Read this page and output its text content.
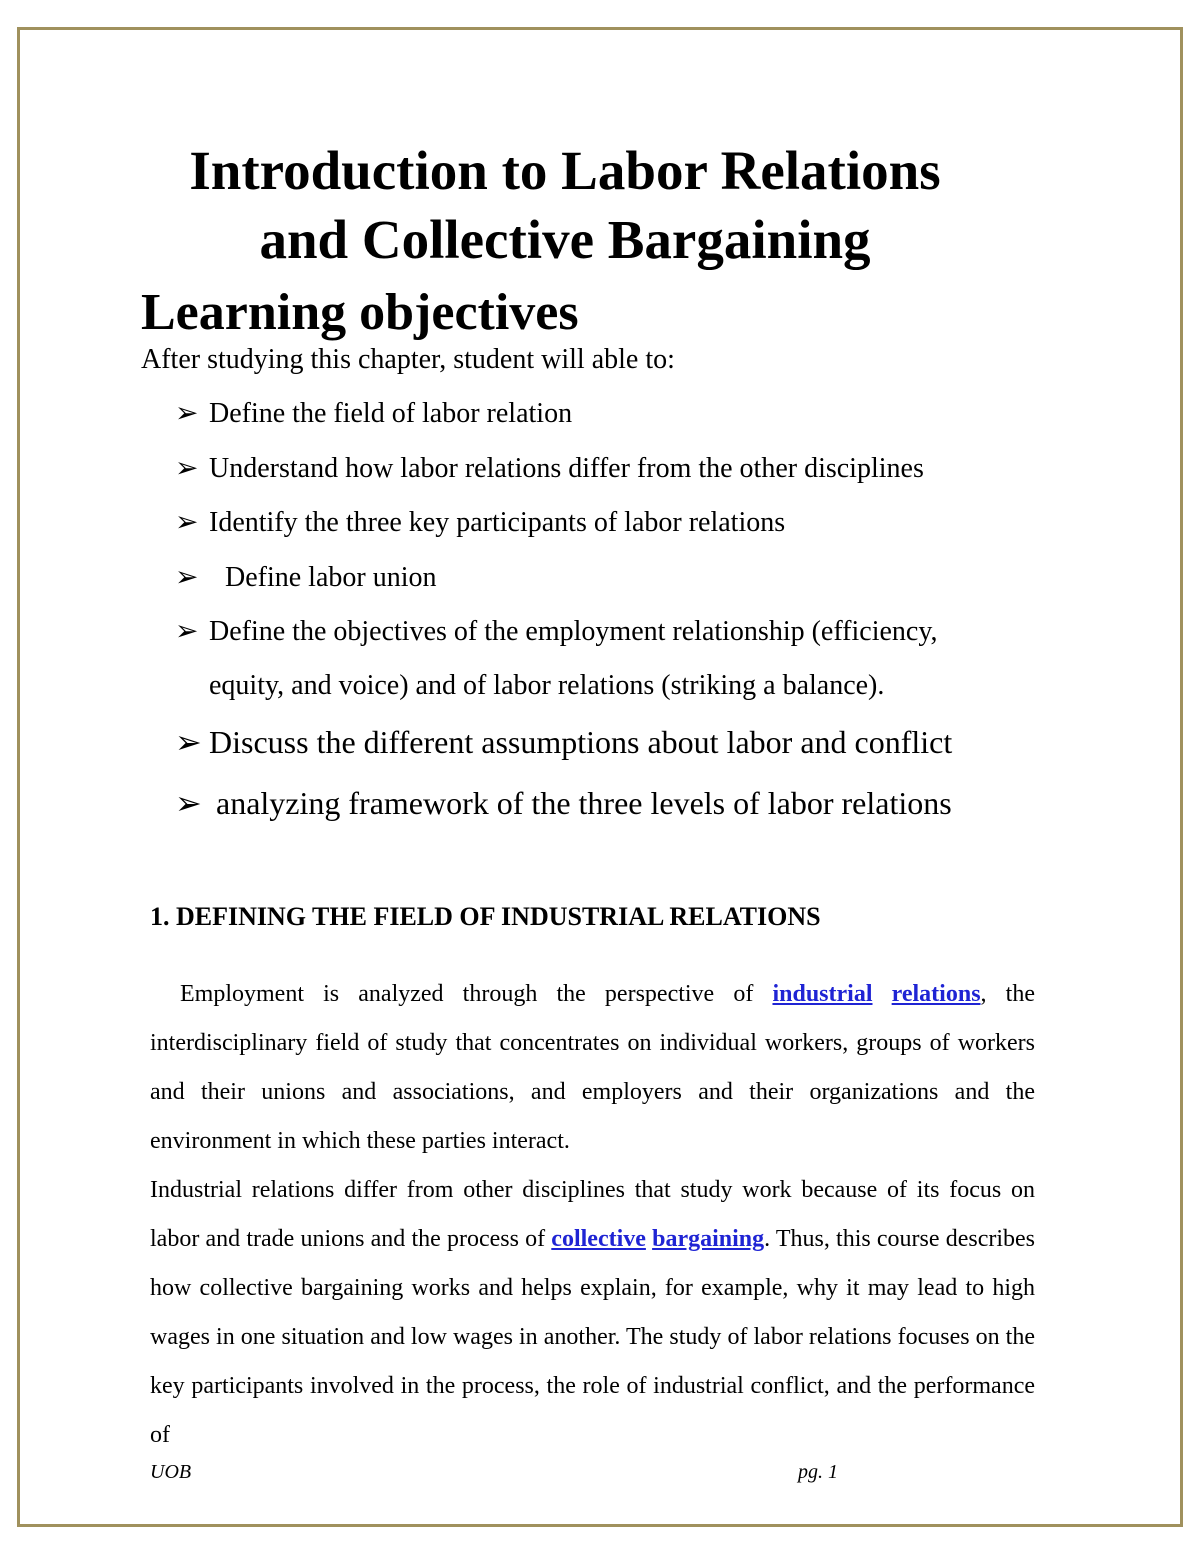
Introduction to Labor Relations
and Collective Bargaining
Learning objectives

After studying this chapter, student will able to:

➢ Define the field of labor relation

➢ Understand how labor relations differ from the other disciplines

➢ Identify the three key participants of labor relations

➢ Define labor union

➢ Define the objectives of the employment relationship (efficiency,

equity, and voice) and of labor relations (striking a balance).

➢ Discuss the different assumptions about labor and conflict

➢ analyzing framework of the three levels of labor relations

1. DEFINING THE FIELD OF INDUSTRIAL RELATIONS

Employment is analyzed through the perspective of industrial relations, the interdisciplinary field of study that concentrates on individual workers, groups of workers and their unions and associations, and employers and their organizations and the environment in which these parties interact.

Industrial relations differ from other disciplines that study work because of its focus on labor and trade unions and the process of collective bargaining. Thus, this course describes how collective bargaining works and helps explain, for example, why it may lead to high wages in one situation and low wages in another. The study of labor relations focuses on the key participants involved in the process, the role of industrial conflict, and the performance of

UOB	pg. 1
